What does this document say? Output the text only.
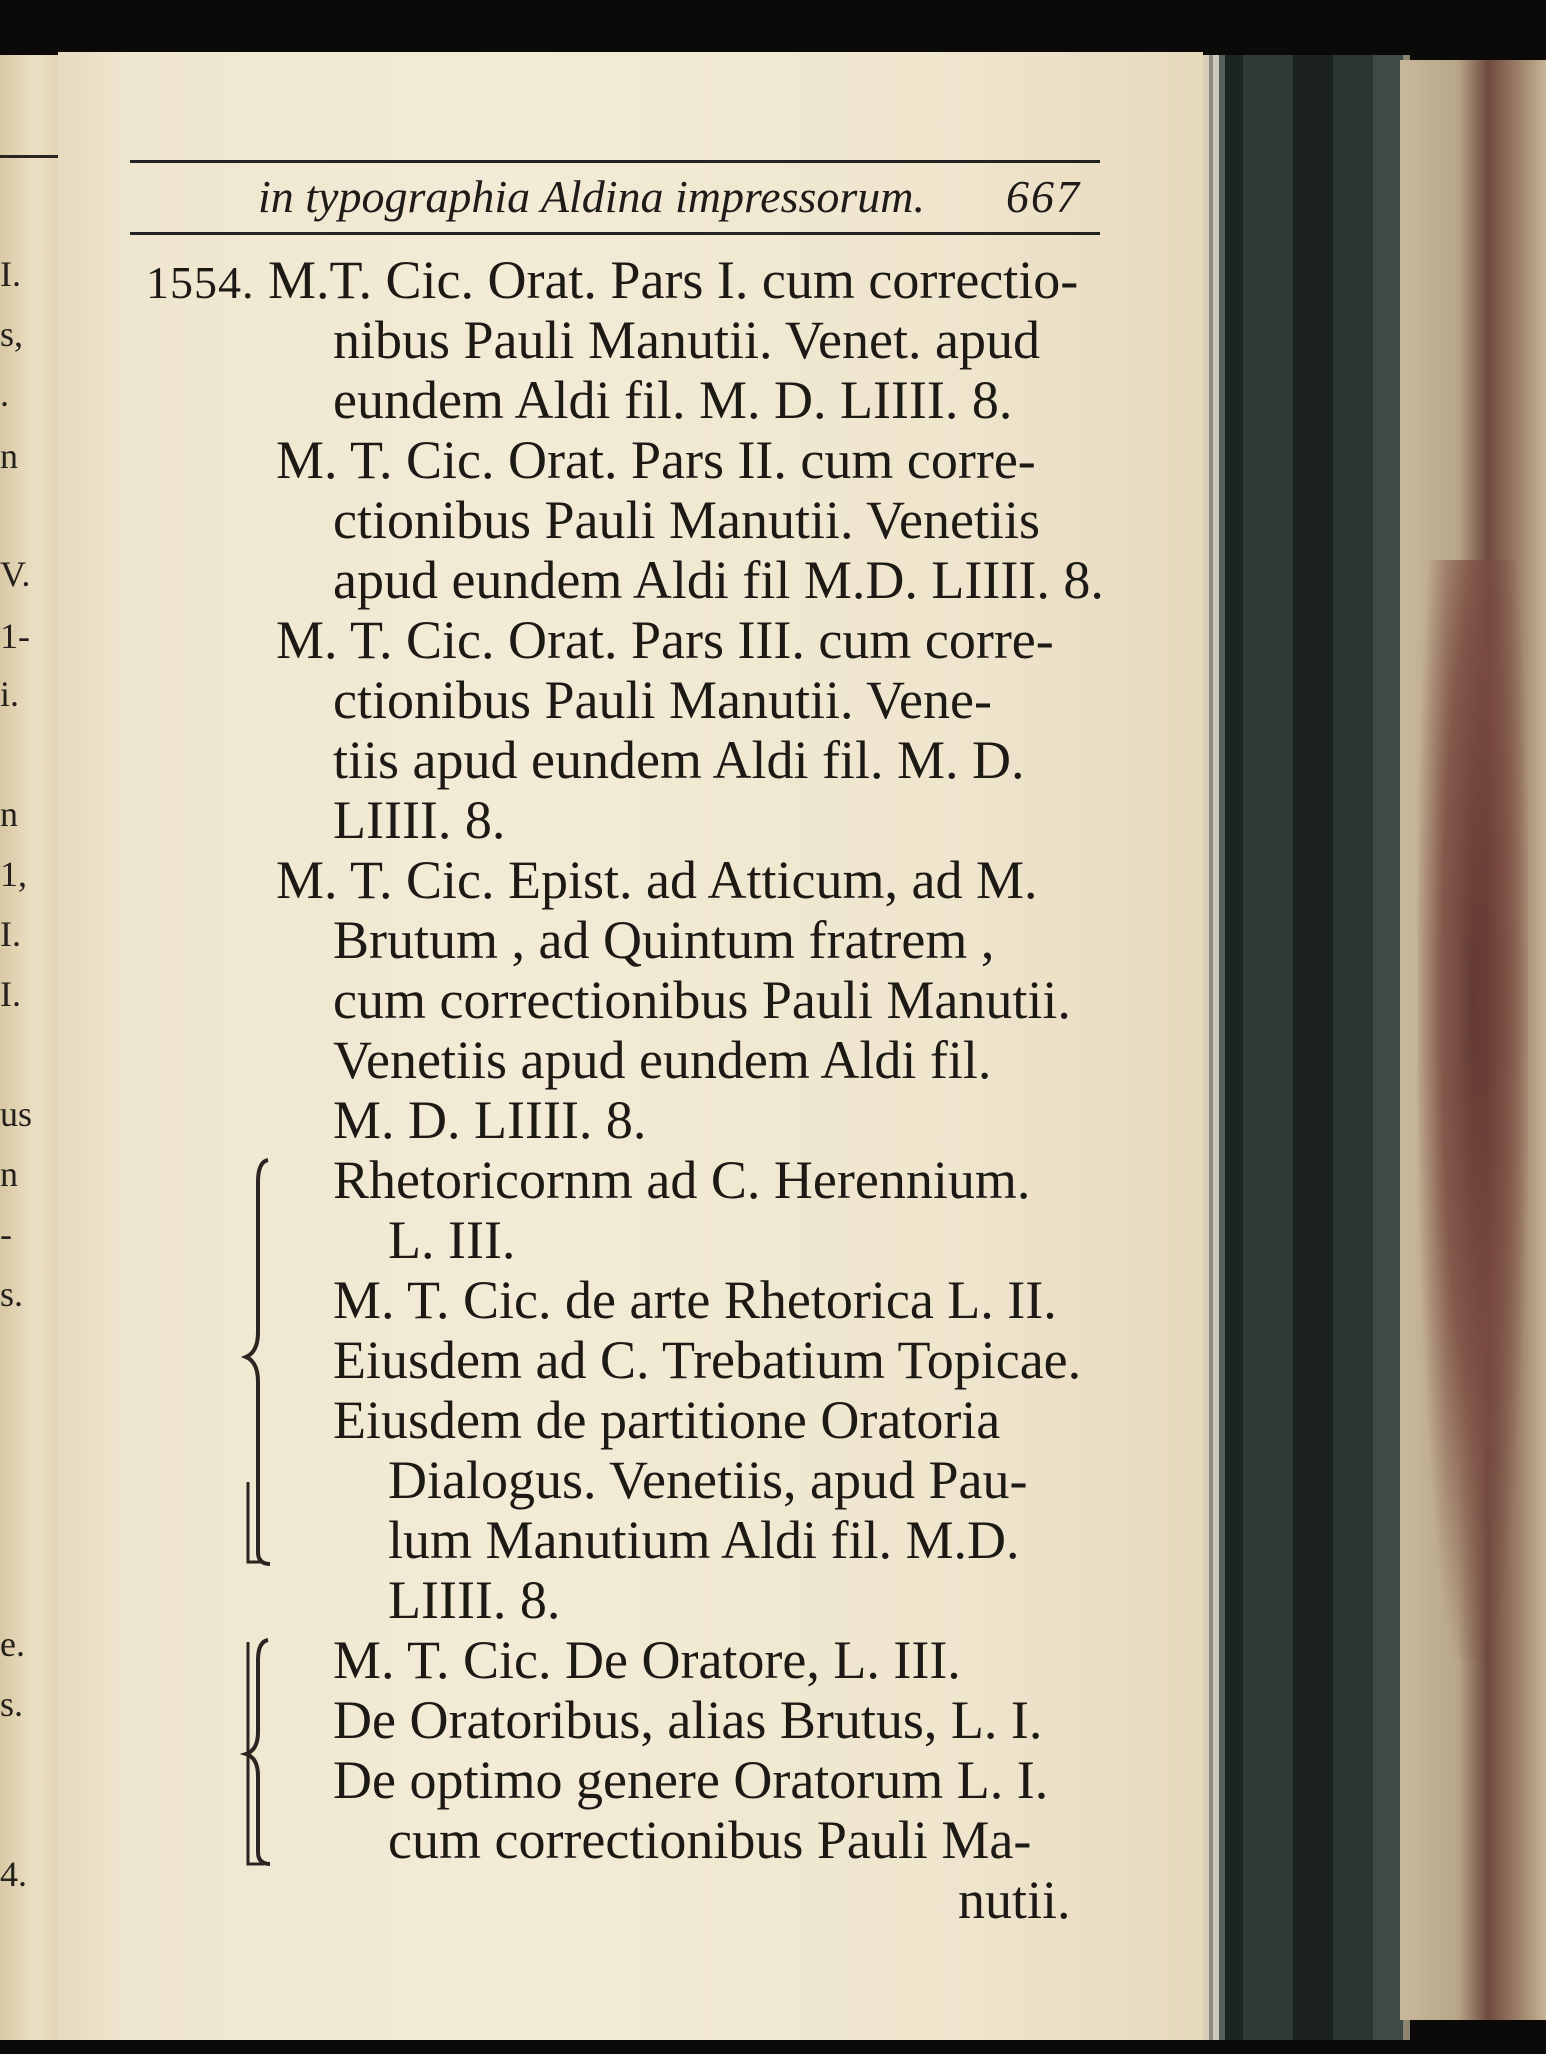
I.
s,
.
n
V.
1-
i.
n
1,
I.
I.
us
n
-
s.
e.
s.
4.
in typographia Aldina impressorum.	667
1554. M.T. Cic. Orat. Pars I. cum correctio-
nibus Pauli Manutii. Venet. apud
eundem Aldi fil. M. D. LIIII. 8.
M. T. Cic. Orat. Pars II. cum corre-
ctionibus Pauli Manutii. Venetiis
apud eundem Aldi fil M.D. LIIII. 8.
M. T. Cic. Orat. Pars III. cum corre-
ctionibus Pauli Manutii. Vene-
tiis apud eundem Aldi fil. M. D.
LIIII. 8.
M. T. Cic. Epist. ad Atticum, ad M.
Brutum , ad Quintum fratrem ,
cum correctionibus Pauli Manutii.
Venetiis apud eundem Aldi fil.
M. D. LIIII. 8.
Rhetoricornm ad C. Herennium.
L. III.
M. T. Cic. de arte Rhetorica L. II.
Eiusdem ad C. Trebatium Topicae.
Eiusdem de partitione Oratoria
Dialogus. Venetiis, apud Pau-
lum Manutium Aldi fil. M.D.
LIIII. 8.
M. T. Cic. De Oratore, L. III.
De Oratoribus, alias Brutus, L. I.
De optimo genere Oratorum L. I.
cum correctionibus Pauli Ma-
nutii.
